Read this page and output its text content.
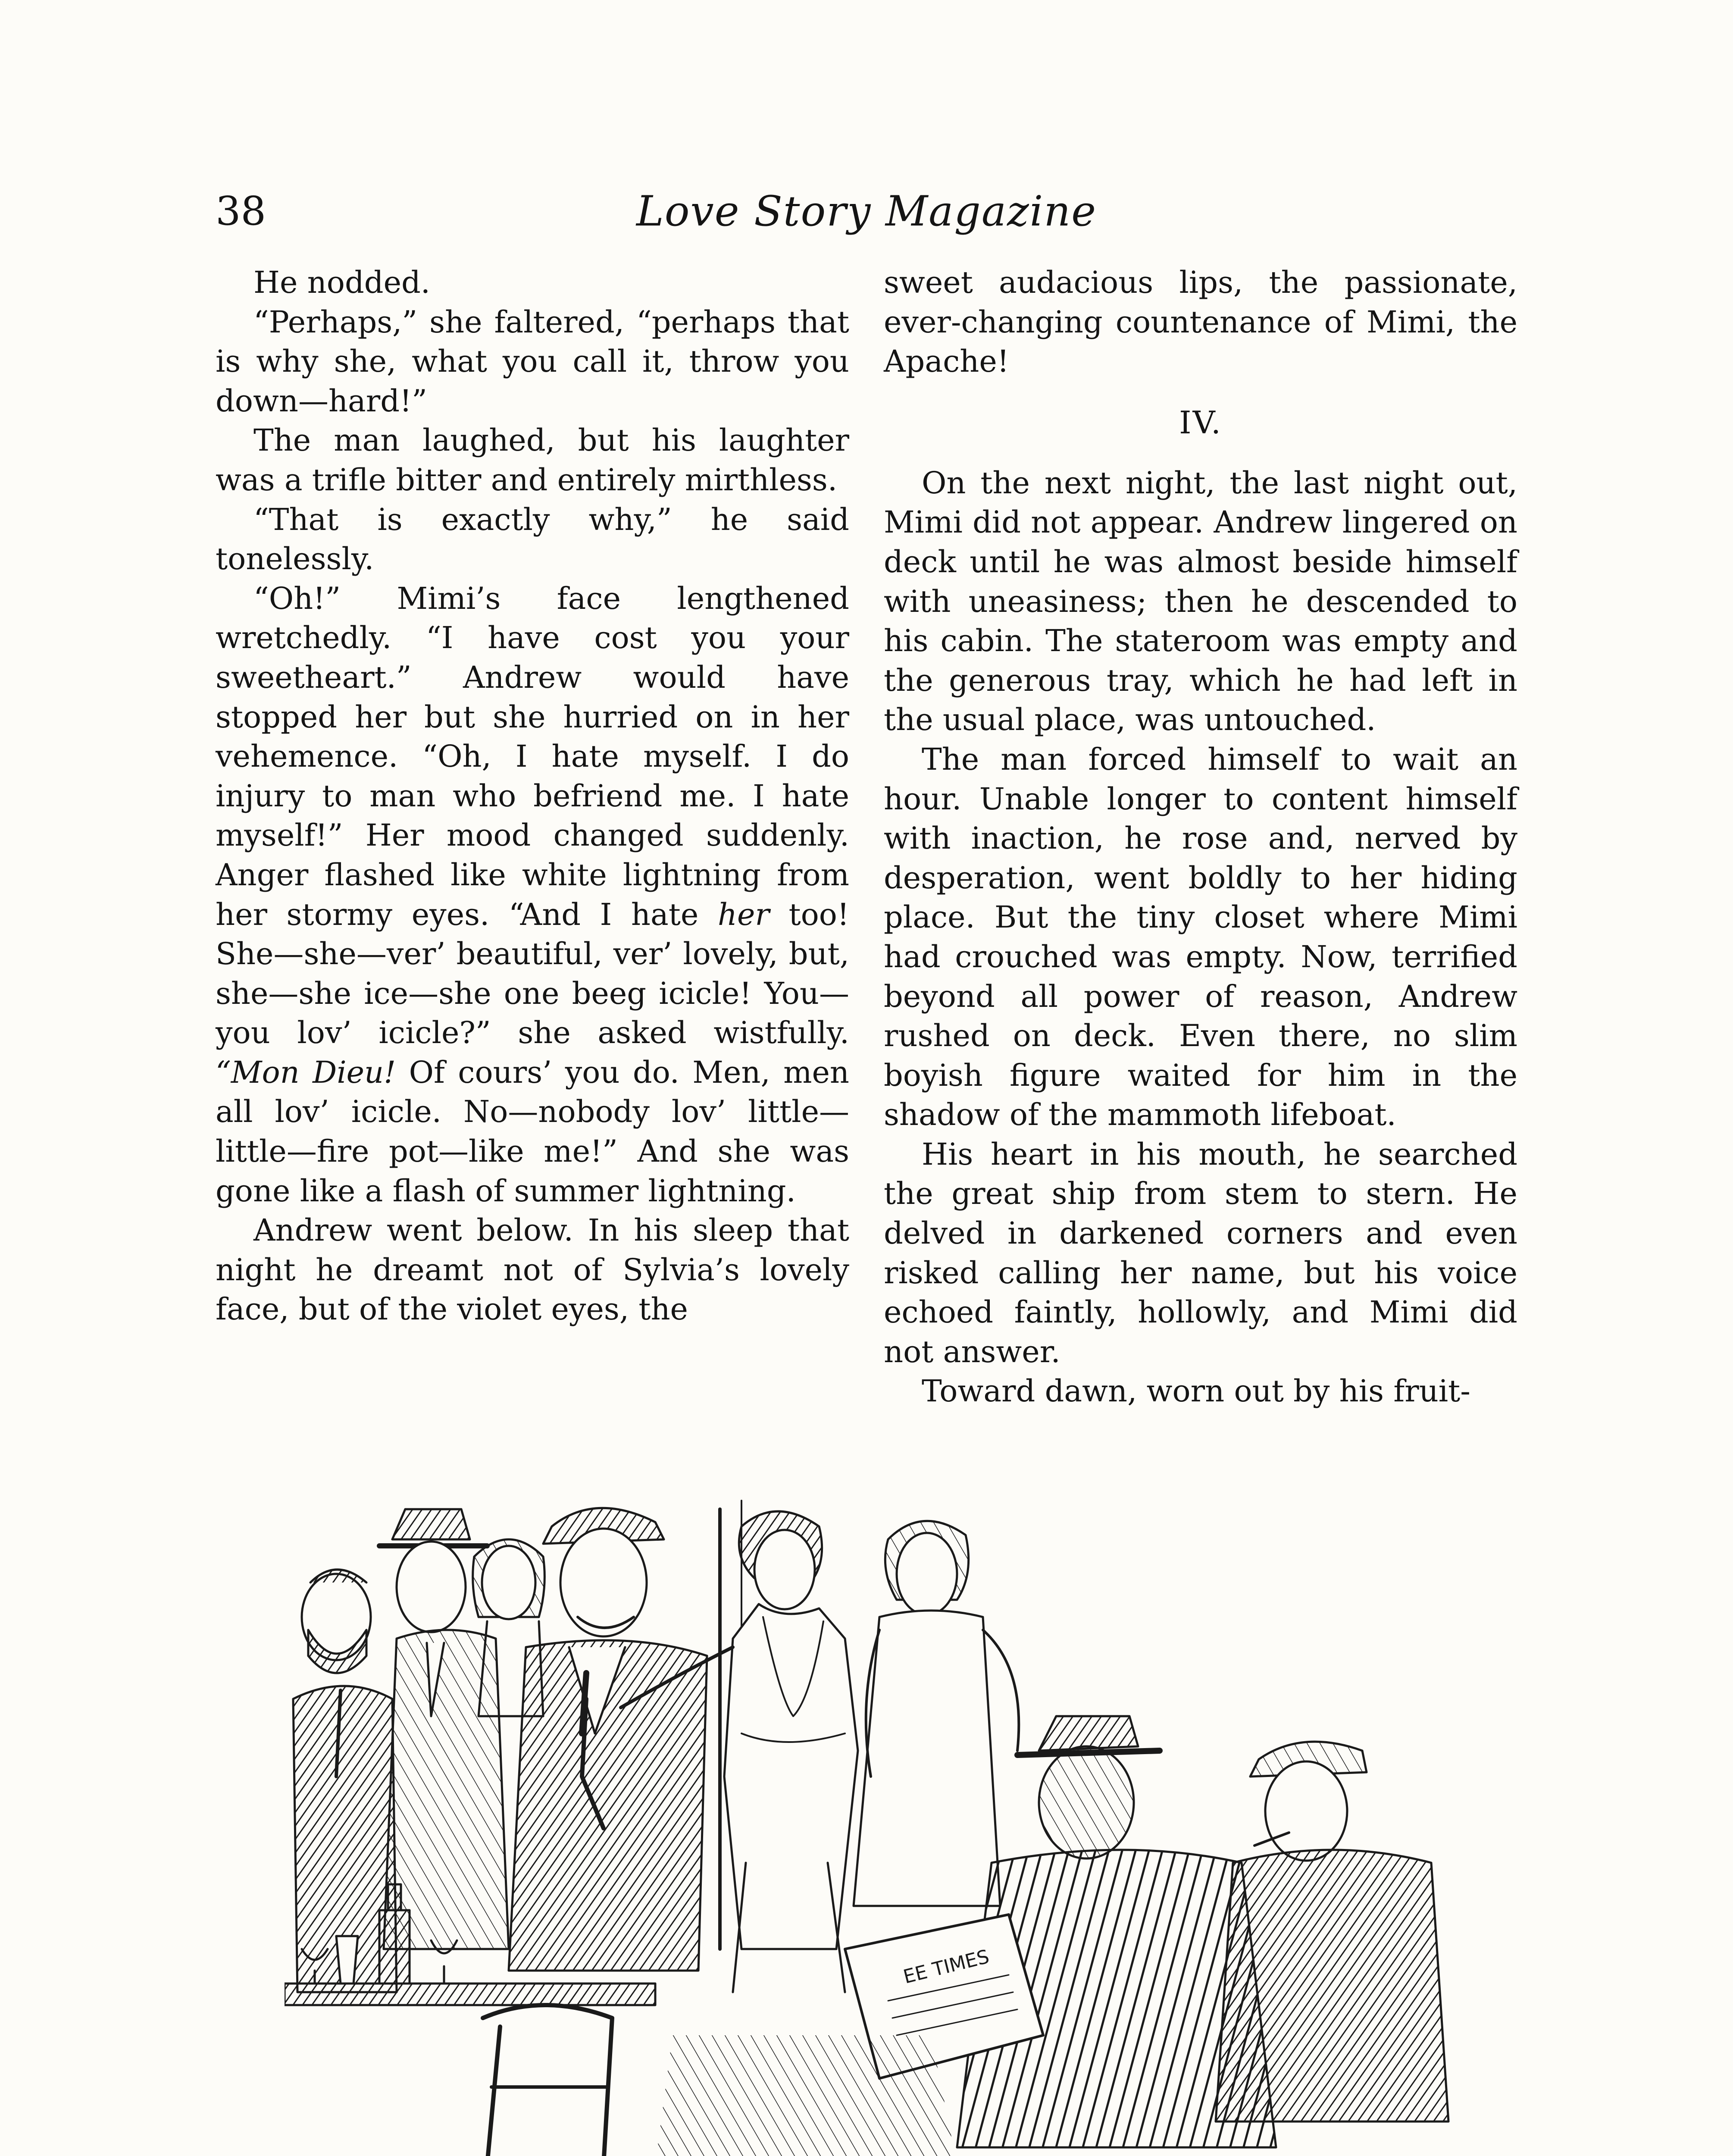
38	Love Story Magazine

He nodded.

“Perhaps,” she faltered, “perhaps that is why she, what you call it, throw you down—hard!”

The man laughed, but his laughter was a trifle bitter and entirely mirthless.

“That is exactly why,” he said tonelessly.

“Oh!” Mimi’s face lengthened wretchedly. “I have cost you your sweetheart.” Andrew would have stopped her but she hurried on in her vehemence. “Oh, I hate myself. I do injury to man who befriend me. I hate myself!” Her mood changed suddenly. Anger flashed like white lightning from her stormy eyes. “And I hate her too! She—she—ver’ beautiful, ver’ lovely, but, she—she ice—she one beeg icicle! You—you lov’ icicle?” she asked wistfully. “Mon Dieu! Of cours’ you do. Men, men all lov’ icicle. No—nobody lov’ little—little—fire pot—like me!” And she was gone like a flash of summer lightning.

Andrew went below. In his sleep that night he dreamt not of Sylvia’s lovely face, but of the violet eyes, the

sweet audacious lips, the passionate, ever-changing countenance of Mimi, the Apache!

IV.

On the next night, the last night out, Mimi did not appear. Andrew lingered on deck until he was almost beside himself with uneasiness; then he descended to his cabin. The stateroom was empty and the generous tray, which he had left in the usual place, was untouched.

The man forced himself to wait an hour. Unable longer to content himself with inaction, he rose and, nerved by desperation, went boldly to her hiding place. But the tiny closet where Mimi had crouched was empty. Now, terrified beyond all power of reason, Andrew rushed on deck. Even there, no slim boyish figure waited for him in the shadow of the mammoth lifeboat.

His heart in his mouth, he searched the great ship from stem to stern. He delved in darkened corners and even risked calling her name, but his voice echoed faintly, hollowly, and Mimi did not answer.

Toward dawn, worn out by his fruit-

EE TIMES
